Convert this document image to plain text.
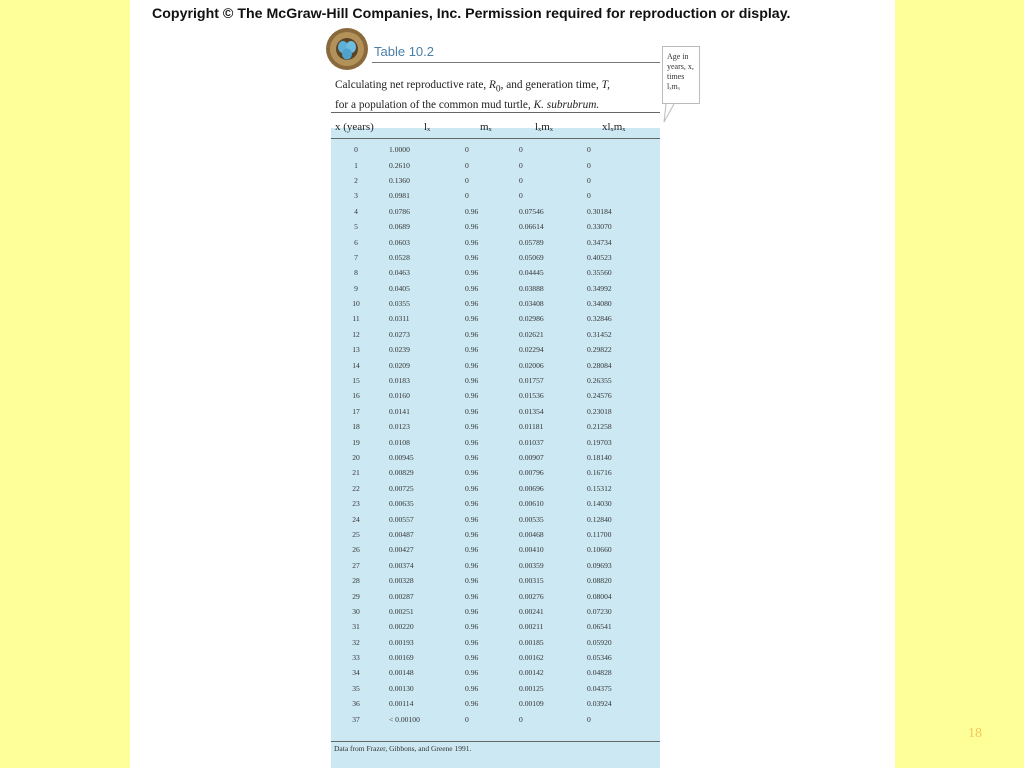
Copyright © The McGraw-Hill Companies, Inc. Permission required for reproduction or display.
Table 10.2
Calculating net reproductive rate, $R_0$, and generation time, T,
for a population of the common mud turtle, K. subrubrum.
Age in years, x, times lₓmₓ
x (years)	lₓ	mₓ	lₓmₓ	xlₓmₓ
0	1.0000	0	0	0
1	0.2610	0	0	0
2	0.1360	0	0	0
3	0.0981	0	0	0
4	0.0786	0.96	0.07546	0.30184
5	0.0689	0.96	0.06614	0.33070
6	0.0603	0.96	0.05789	0.34734
7	0.0528	0.96	0.05069	0.40523
8	0.0463	0.96	0.04445	0.35560
9	0.0405	0.96	0.03888	0.34992
10	0.0355	0.96	0.03408	0.34080
11	0.0311	0.96	0.02986	0.32846
12	0.0273	0.96	0.02621	0.31452
13	0.0239	0.96	0.02294	0.29822
14	0.0209	0.96	0.02006	0.28084
15	0.0183	0.96	0.01757	0.26355
16	0.0160	0.96	0.01536	0.24576
17	0.0141	0.96	0.01354	0.23018
18	0.0123	0.96	0.01181	0.21258
19	0.0108	0.96	0.01037	0.19703
20	0.00945	0.96	0.00907	0.18140
21	0.00829	0.96	0.00796	0.16716
22	0.00725	0.96	0.00696	0.15312
23	0.00635	0.96	0.00610	0.14030
24	0.00557	0.96	0.00535	0.12840
25	0.00487	0.96	0.00468	0.11700
26	0.00427	0.96	0.00410	0.10660
27	0.00374	0.96	0.00359	0.09693
28	0.00328	0.96	0.00315	0.08820
29	0.00287	0.96	0.00276	0.08004
30	0.00251	0.96	0.00241	0.07230
31	0.00220	0.96	0.00211	0.06541
32	0.00193	0.96	0.00185	0.05920
33	0.00169	0.96	0.00162	0.05346
34	0.00148	0.96	0.00142	0.04828
35	0.00130	0.96	0.00125	0.04375
36	0.00114	0.96	0.00109	0.03924
37	< 0.00100	0	0	0
Data from Frazer, Gibbons, and Greene 1991.
18
